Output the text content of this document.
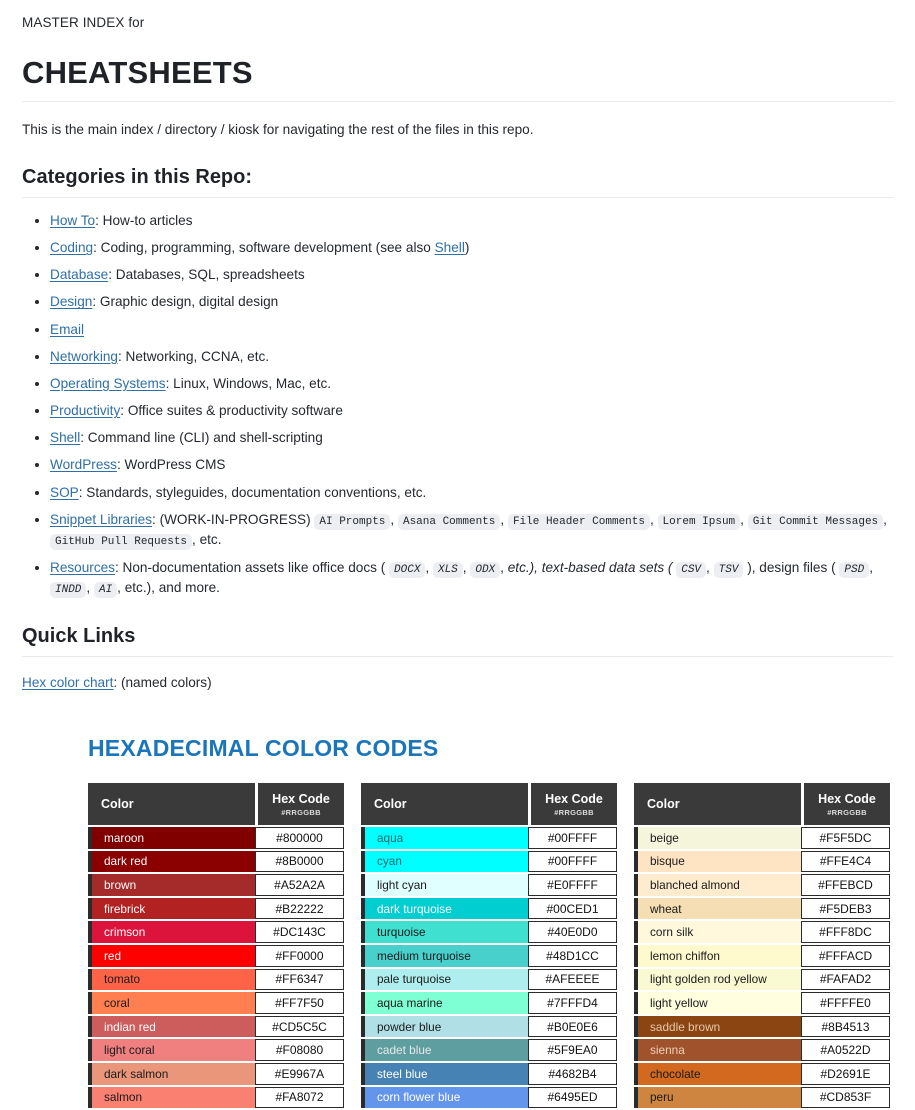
MASTER INDEX for
CHEATSHEETS

This is the main index / directory / kiosk for navigating the rest of the files in this repo.

Categories in this Repo:
• How To: How-to articles
• Coding: Coding, programming, software development (see also Shell)
• Database: Databases, SQL, spreadsheets
• Design: Graphic design, digital design
• Email
• Networking: Networking, CCNA, etc.
• Operating Systems: Linux, Windows, Mac, etc.
• Productivity: Office suites & productivity software
• Shell: Command line (CLI) and shell-scripting
• WordPress: WordPress CMS
• SOP: Standards, styleguides, documentation conventions, etc.
• Snippet Libraries: (WORK-IN-PROGRESS) AI Prompts , Asana Comments , File Header Comments , Lorem Ipsum , Git Commit Messages , GitHub Pull Requests , etc.
• Resources: Non-documentation assets like office docs ( DOCX , XLS , ODX , etc.), text-based data sets ( CSV , TSV ), design files ( PSD , INDD , AI , etc.), and more.
Quick Links

Hex color chart: (named colors)

HEXADECIMAL COLOR CODES
Color	Hex Code
#RRGGBB

maroon	#800000
dark red	#8B0000
brown	#A52A2A
firebrick	#B22222
crimson	#DC143C
red	#FF0000
tomato	#FF6347
coral	#FF7F50
indian red	#CD5C5C
light coral	#F08080
dark salmon	#E9967A
salmon	#FA8072
Color	Hex Code
#RRGGBB

aqua	#00FFFF
cyan	#00FFFF
light cyan	#E0FFFF
dark turquoise	#00CED1
turquoise	#40E0D0
medium turquoise	#48D1CC
pale turquoise	#AFEEEE
aqua marine	#7FFFD4
powder blue	#B0E0E6
cadet blue	#5F9EA0
steel blue	#4682B4
corn flower blue	#6495ED
Color	Hex Code
#RRGGBB

beige	#F5F5DC
bisque	#FFE4C4
blanched almond	#FFEBCD
wheat	#F5DEB3
corn silk	#FFF8DC
lemon chiffon	#FFFACD
light golden rod yellow	#FAFAD2
light yellow	#FFFFE0
saddle brown	#8B4513
sienna	#A0522D
chocolate	#D2691E
peru	#CD853F
